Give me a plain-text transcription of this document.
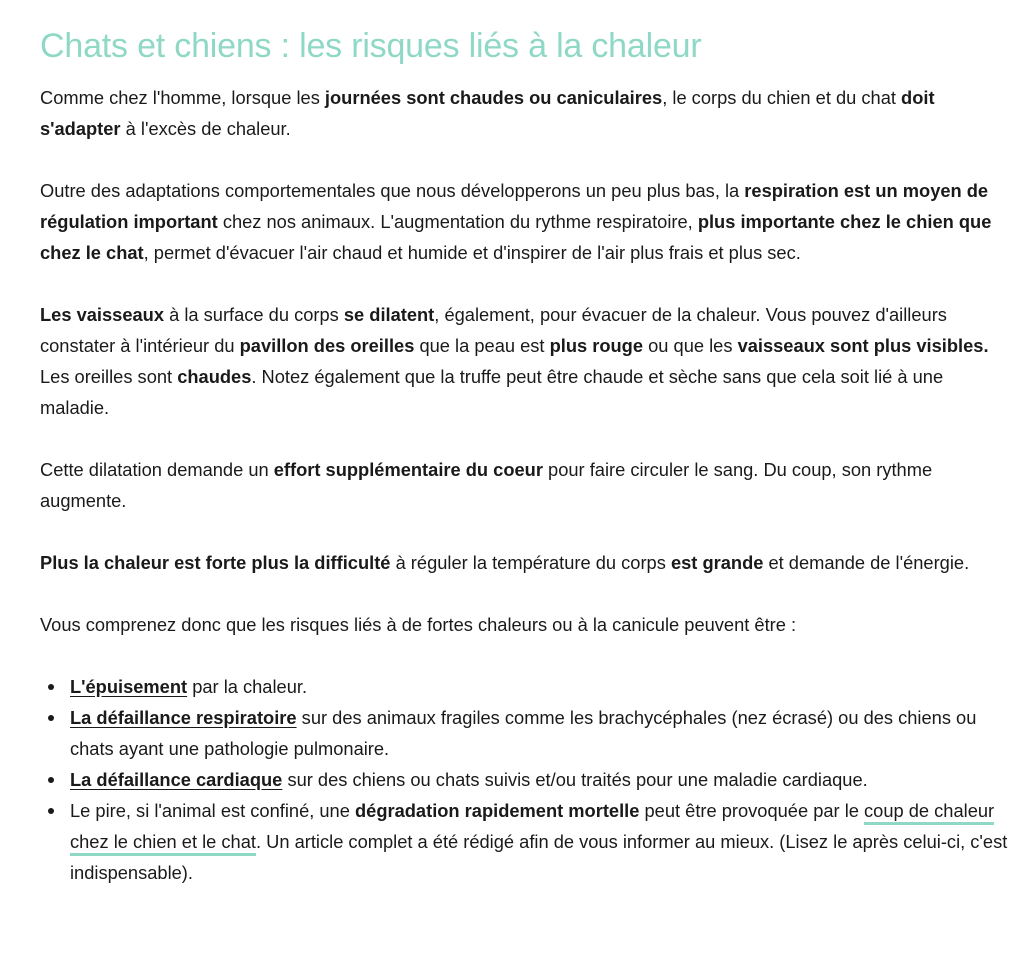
Chats et chiens : les risques liés à la chaleur

Comme chez l'homme, lorsque les journées sont chaudes ou caniculaires, le corps du chien et du chat doit s'adapter à l'excès de chaleur.

Outre des adaptations comportementales que nous développerons un peu plus bas, la respiration est un moyen de régulation important chez nos animaux. L'augmentation du rythme respiratoire, plus importante chez le chien que chez le chat, permet d'évacuer l'air chaud et humide et d'inspirer de l'air plus frais et plus sec.

Les vaisseaux à la surface du corps se dilatent, également, pour évacuer de la chaleur. Vous pouvez d'ailleurs constater à l'intérieur du pavillon des oreilles que la peau est plus rouge ou que les vaisseaux sont plus visibles. Les oreilles sont chaudes. Notez également que la truffe peut être chaude et sèche sans que cela soit lié à une maladie.

Cette dilatation demande un effort supplémentaire du coeur pour faire circuler le sang. Du coup, son rythme augmente.

Plus la chaleur est forte plus la difficulté à réguler la température du corps est grande et demande de l'énergie.

Vous comprenez donc que les risques liés à de fortes chaleurs ou à la canicule peuvent être :

L'épuisement par la chaleur.
La défaillance respiratoire sur des animaux fragiles comme les brachycéphales (nez écrasé) ou des chiens ou chats ayant une pathologie pulmonaire.
La défaillance cardiaque sur des chiens ou chats suivis et/ou traités pour une maladie cardiaque.
Le pire, si l'animal est confiné, une dégradation rapidement mortelle peut être provoquée par le coup de chaleur chez le chien et le chat. Un article complet a été rédigé afin de vous informer au mieux. (Lisez le après celui-ci, c'est indispensable).
